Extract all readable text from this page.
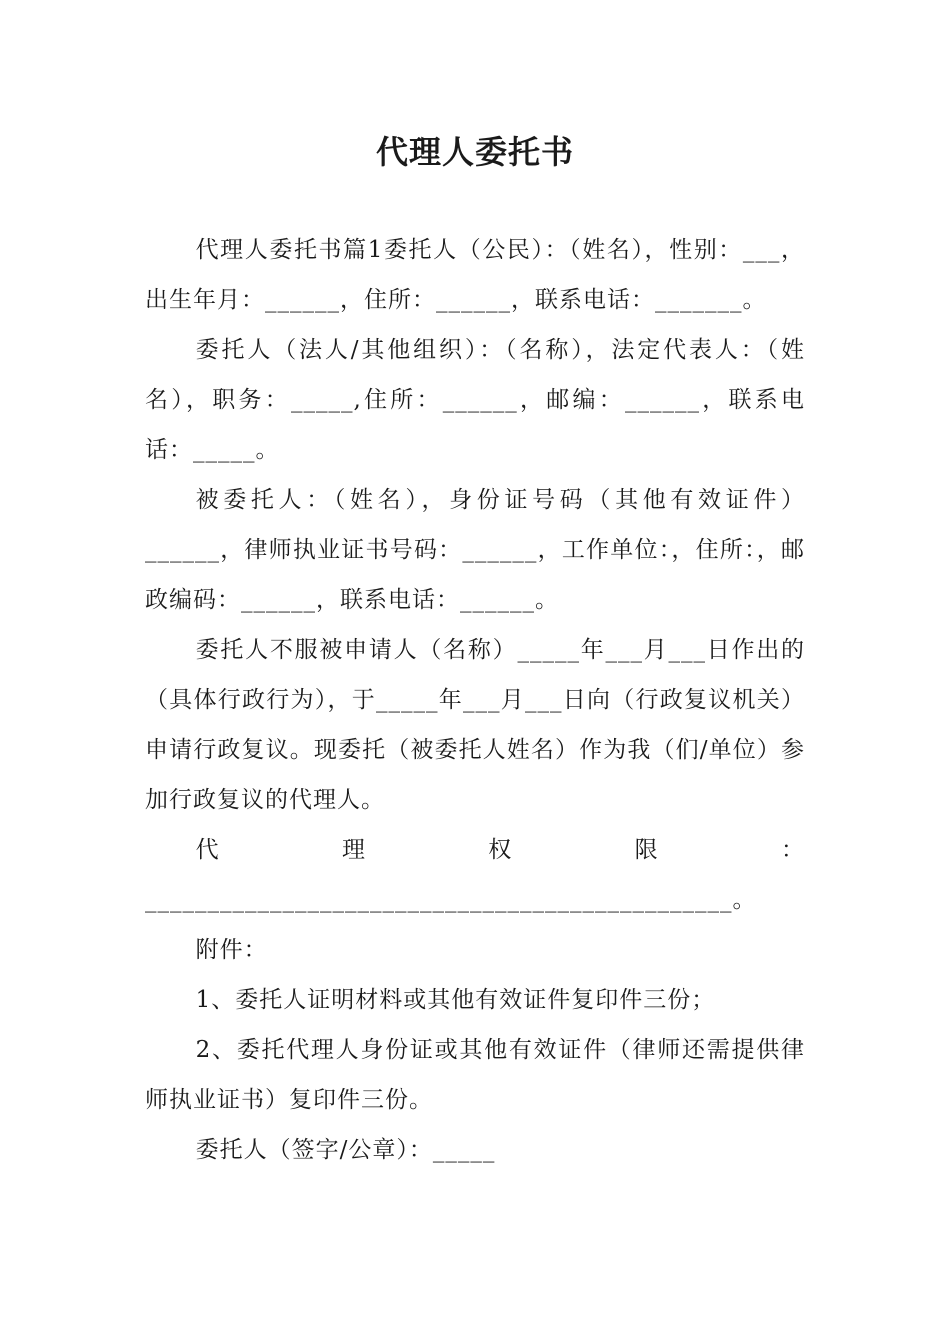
代理人委托书

代理人委托书篇1委托人（公民）：（姓名），性别：___，出生年月：______，住所：______，联系电话：_______。

委托人（法人/其他组织）：（名称），法定代表人：（姓名），职务：_____,住所：______，邮编：______，联系电话：_____。

被委托人：（姓名），身份证号码（其他有效证件）______，律师执业证书号码：______，工作单位：，住所：，邮政编码：______，联系电话：______。

委托人不服被申请人（名称）_____年___月___日作出的（具体行政行为），于_____年___月___日向（行政复议机关）申请行政复议。现委托（被委托人姓名）作为我（们/单位）参加行政复议的代理人。

代理权限：_______________________________________________。

附件：

1、委托人证明材料或其他有效证件复印件三份；

2、委托代理人身份证或其他有效证件（律师还需提供律师执业证书）复印件三份。

委托人（签字/公章）：_____
